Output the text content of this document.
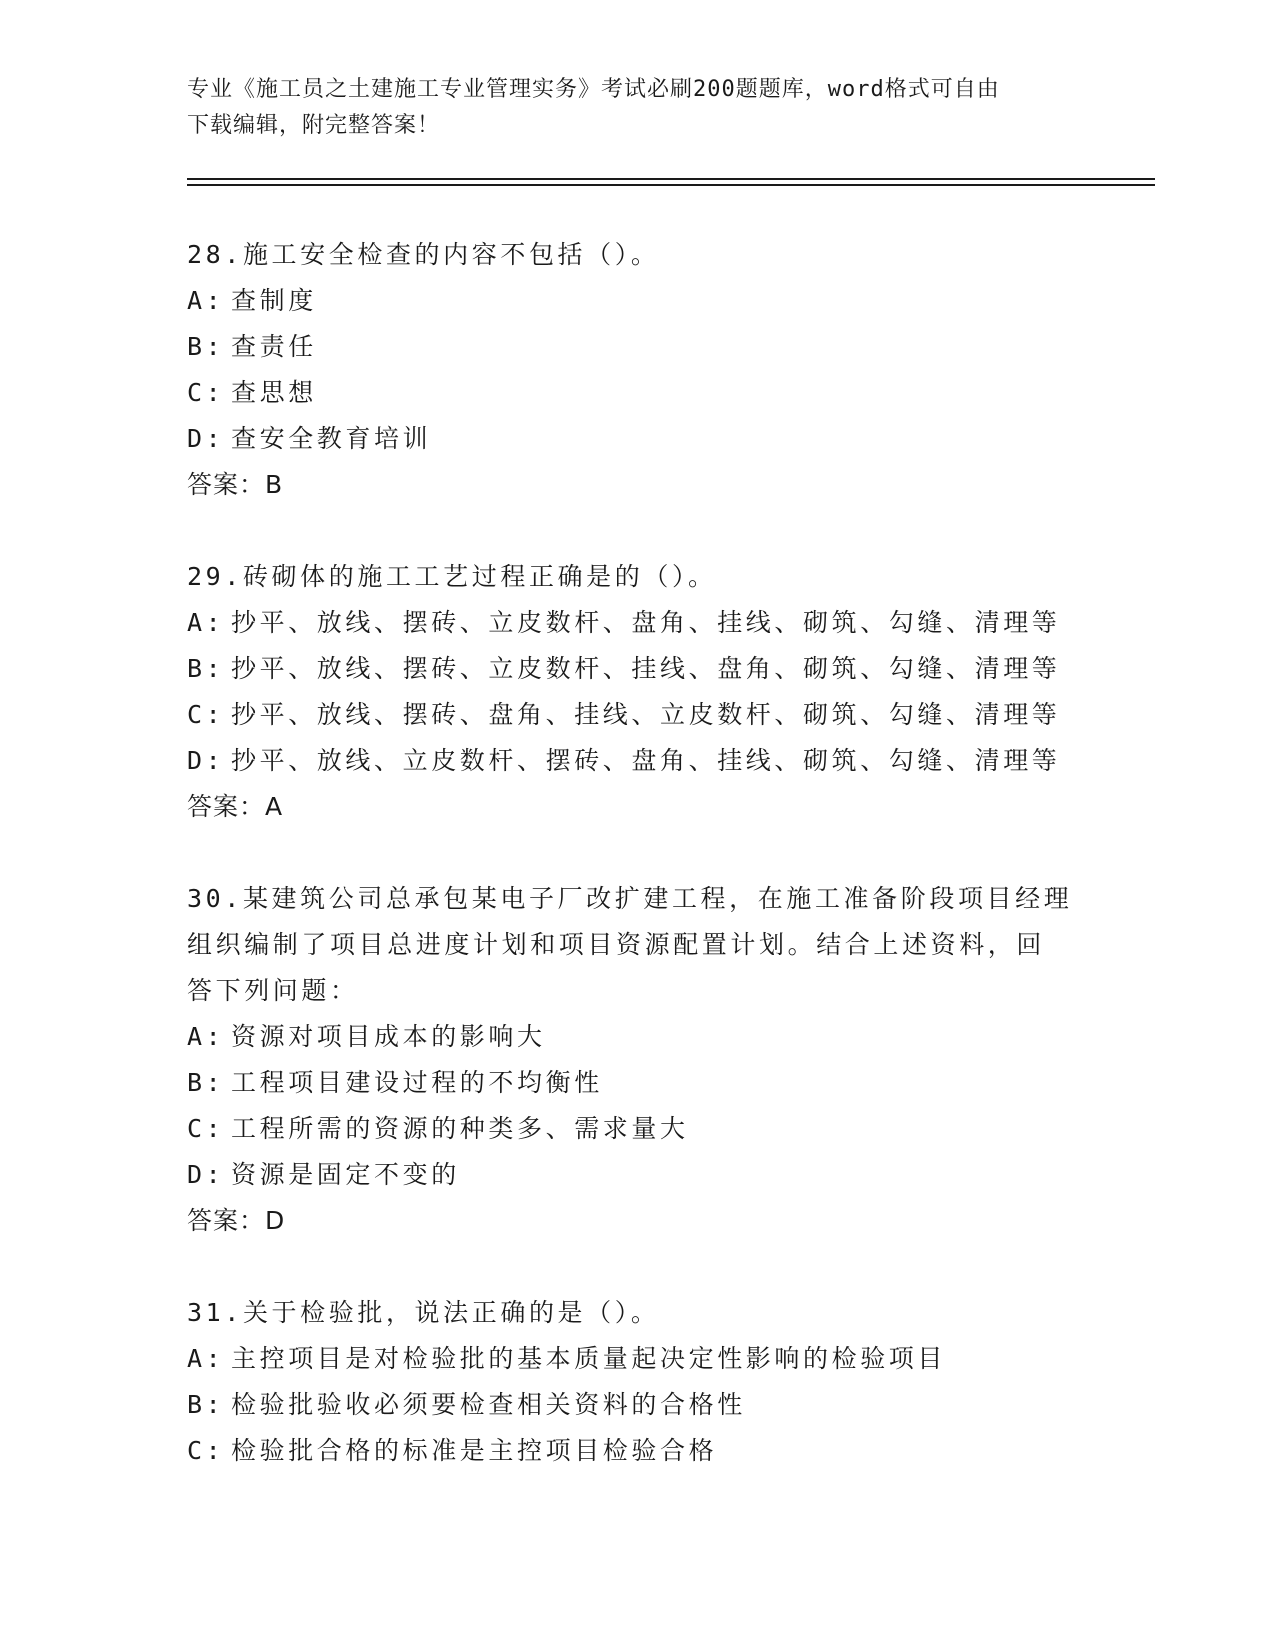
专业《施工员之土建施工专业管理实务》考试必刷200题题库，word格式可自由
下载编辑，附完整答案！
28.施工安全检查的内容不包括（）。
A: 查制度
B: 查责任
C: 查思想
D: 查安全教育培训
答案：B
29.砖砌体的施工工艺过程正确是的（）。
A: 抄平、放线、摆砖、立皮数杆、盘角、挂线、砌筑、勾缝、清理等
B: 抄平、放线、摆砖、立皮数杆、挂线、盘角、砌筑、勾缝、清理等
C: 抄平、放线、摆砖、盘角、挂线、立皮数杆、砌筑、勾缝、清理等
D: 抄平、放线、立皮数杆、摆砖、盘角、挂线、砌筑、勾缝、清理等
答案：A
30.某建筑公司总承包某电子厂改扩建工程，在施工准备阶段项目经理
组织编制了项目总进度计划和项目资源配置计划。结合上述资料，回
答下列问题：
A: 资源对项目成本的影响大
B: 工程项目建设过程的不均衡性
C: 工程所需的资源的种类多、需求量大
D: 资源是固定不变的
答案：D
31.关于检验批，说法正确的是（）。
A: 主控项目是对检验批的基本质量起决定性影响的检验项目
B: 检验批验收必须要检查相关资料的合格性
C: 检验批合格的标准是主控项目检验合格
